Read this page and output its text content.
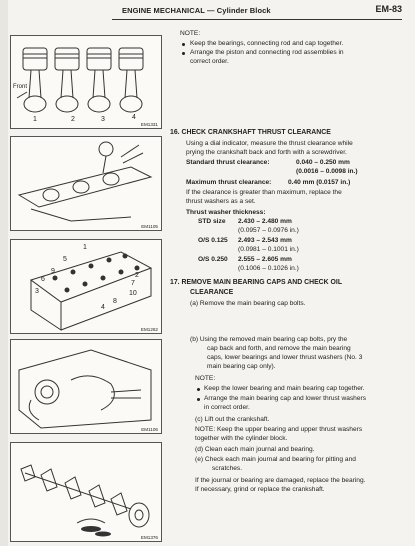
ENGINE MECHANICAL — Cylinder Block	EM-83
Front
1	2	3	4
EM1331
EM1105
1
5
9
6
2
3
7
8
4
10
EM1262
EM1106
EM1376
NOTE:
Keep the bearings, connecting rod and cap together.
Arrange the piston and connecting rod assemblies in
correct order.
16. CHECK CRANKSHAFT THRUST CLEARANCE
Using a dial indicator, measure the thrust clearance while
prying the crankshaft back and forth with a screwdriver.
Standard thrust clearance:	0.040 – 0.250 mm
(0.0016 – 0.0098 in.)
Maximum thrust clearance:	0.40 mm (0.0157 in.)
If the clearance is greater than maximum, replace the
thrust washers as a set.
Thrust washer thickness:
STD size 2.430 – 2.480 mm
(0.0957 – 0.0976 in.)
O/S 0.125 2.493 – 2.543 mm
(0.0981 – 0.1001 in.)
O/S 0.250 2.555 – 2.605 mm
(0.1006 – 0.1026 in.)
17. REMOVE MAIN BEARING CAPS AND CHECK OIL
CLEARANCE
(a) Remove the main bearing cap bolts.
(b) Using the removed main bearing cap bolts, pry the
cap back and forth, and remove the main bearing
caps, lower bearings and lower thrust washers (No. 3
main bearing cap only).
NOTE:
Keep the lower bearing and main bearing cap together.
Arrange the main bearing cap and lower thrust washers
in correct order.
(c) Lift out the crankshaft.
NOTE: Keep the upper bearing and upper thrust washers
together with the cylinder block.
(d) Clean each main journal and bearing.
(e) Check each main journal and bearing for pitting and
scratches.
If the journal or bearing are damaged, replace the bearing.
If necessary, grind or replace the crankshaft.
